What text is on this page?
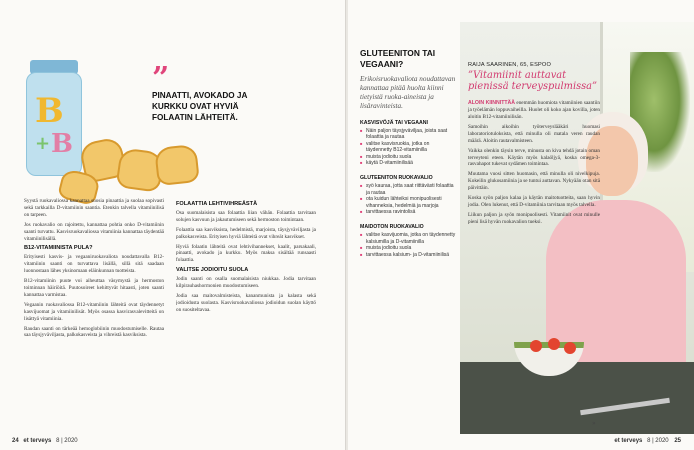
B
+ B
”
PINAATTI, AVOKADO JA KURKKU OVAT HYVIÄ FOLAATIN LÄHTEITÄ.

Syystä ruokavaliossa kannattaa suosia pinaattia ja suolaa sopivasti sekä tarkkailla D-vitamiinin saantia. Etenkin talvella vitamiinilisä on tarpeen.

Jos ruokavalio on rajoitettu, kannattaa pohtia onko D-vitamiinin saanti turvattu. Kasvisruokavaliossa vitamiinia kannattaa täydentää vitamiinilisällä.

B12-VITAMIINISTA PULA?

Erityisesti kasvis- ja vegaaniruokavaliota noudattavalla B12-vitamiinin saanti on turvattava lisällä, sillä sitä saadaan luonnostaan lähes yksinomaan eläinkunnan tuotteista.

B12-vitamiinin puute voi aiheuttaa väsymystä ja hermoston toiminnan häiriöitä. Puutosoireet kehittyvät hitaasti, joten saanti kannattaa varmistaa.

Vegaanin ruokavaliossa B12-vitamiinin lähteitä ovat täydennetyt kasvijuomat ja vitamiinilisät. Myös osassa kasvirasvalevitteitä on lisättyä vitamiinia.

Raudan saanti on tärkeää hemoglobiinin muodostumiselle. Rautaa saa täysjyväviljasta, palkokasveista ja vihreistä kasviksista.

FOLAATTIA LEHTIVIHREÄSTÄ

Osa suomalaisista saa folaattia liian vähän. Folaattia tarvitaan solujen kasvuun ja jakautumiseen sekä hermoston toimintaan.

Folaattia saa kasviksista, hedelmistä, marjoista, täysjyväviljasta ja palkokasveista. Erityisen hyviä lähteitä ovat vihreät kasvikset.

Hyviä folaatin lähteitä ovat lehtivihannekset, kaalit, parsakaali, pinaatti, avokado ja kurkku. Myös maksa sisältää runsaasti folaattia.

VALITSE JODIOITU SUOLA

Jodin saanti on osalla suomalaisista niukkaa. Jodia tarvitaan kilpirauhashormonien muodostumiseen.

Jodia saa maitovalmisteista, kananmunista ja kalasta sekä jodioidusta suolasta. Kasvisruokavaliossa jodioidun suolan käyttö on suositeltavaa.

24 et terveys 8 | 2020
GLUTEENITON TAI VEGAANI?
Erikoisruokavaliota noudattavan kannattaa pitää huolta kiinni tietyistä ruoka-aineista ja lisäravinteista.
KASVISVÖJÄ TAI VEGAANI
■ Näin paljon täysjyväviljaa, joista saat folaattia ja rautaa
■ valitse kasvisruokia, jotka on täydennetty B12-vitamiinilla
■ muista jodioitu suola
■ käytä D-vitamiinilisää
GLUTEENITON RUOKAVALIO
■ syö kauraa, jotta saat riittävästi folaattia ja rautaa
■ ota kuidun lähteiksi monipuolisesti vihanneksia, hedelmiä ja marjoja
■ tarvittaessa ravintolisä
MAIDOTON RUOKAVALIO
■ valitse kasvijuomia, jotka on täydennetty kalsiumilla ja D-vitamiinilla
■ muista jodioitu suola
■ tarvittaessa kalsium- ja D-vitamiinilisä
RAIJA SAARINEN, 65, ESPOO
”Vitamiinit auttavat pienissä terveyspulmissa”

ALOIN KIINNITTÄÄ enemmän huomiota vitamiinien saantiin ja työelämän loppuvaiheilla. Huolet oli koko ajan kovilla, joten aloitin B12-vitamiinilisän.

Samoihin aikoihin työterveyslääkäri huomasi laboratoriotuloksista, että minulla oli matala veren raudan määrä. Aloitin rautavalmisteen.

Vaikka olenkin täysin terve, minusta on kiva tehdä jotain oman terveyteni eteen. Käytän myös kalaöljyä, koska omega-3-rasvahapot tukevat sydämen toimintaa.

Muutama vuosi sitten huomasin, että minulla oli nivelkipuja. Kokeilin glukosamiinia ja se tuntui auttavan. Nykyään otan sitä päivittäin.

Koska syön paljon kalaa ja käytän maitotuotteita, saan hyvin jodia. Olen lukenut, että D-vitamiinia tarvitaan myös talvella.

Liikun paljon ja syön monipuolisesti. Vitamiinit ovat minulle pieni lisä hyvän ruokavalion tueksi.

»
et terveys 8 | 2020 25
